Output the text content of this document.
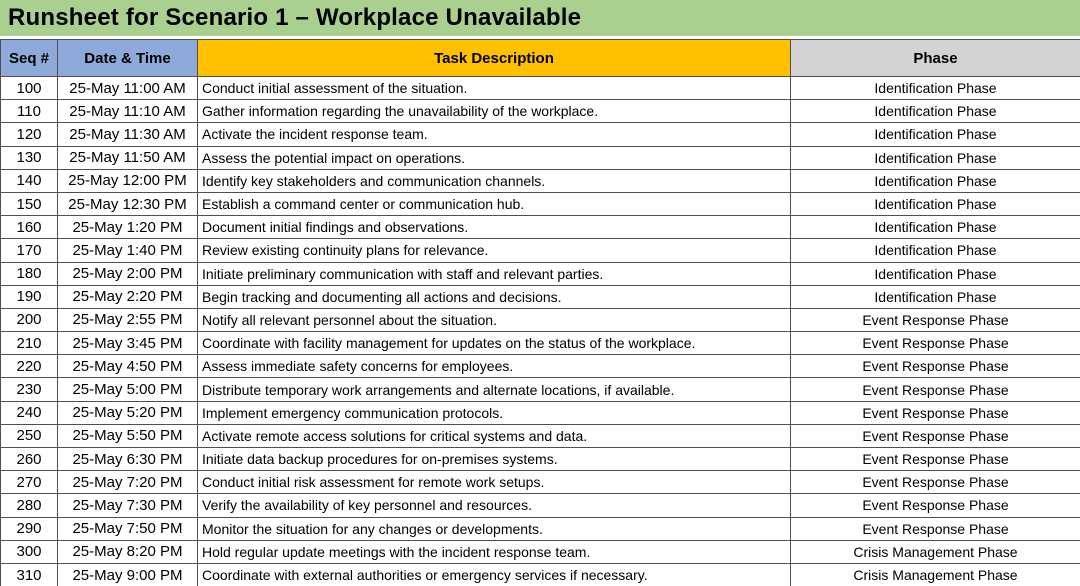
Runsheet for Scenario 1 – Workplace Unavailable
Seq #	Date & Time	Task Description	Phase
100	25-May 11:00 AM	Conduct initial assessment of the situation.	Identification Phase
110	25-May 11:10 AM	Gather information regarding the unavailability of the workplace.	Identification Phase
120	25-May 11:30 AM	Activate the incident response team.	Identification Phase
130	25-May 11:50 AM	Assess the potential impact on operations.	Identification Phase
140	25-May 12:00 PM	Identify key stakeholders and communication channels.	Identification Phase
150	25-May 12:30 PM	Establish a command center or communication hub.	Identification Phase
160	25-May 1:20 PM	Document initial findings and observations.	Identification Phase
170	25-May 1:40 PM	Review existing continuity plans for relevance.	Identification Phase
180	25-May 2:00 PM	Initiate preliminary communication with staff and relevant parties.	Identification Phase
190	25-May 2:20 PM	Begin tracking and documenting all actions and decisions.	Identification Phase
200	25-May 2:55 PM	Notify all relevant personnel about the situation.	Event Response Phase
210	25-May 3:45 PM	Coordinate with facility management for updates on the status of the workplace.	Event Response Phase
220	25-May 4:50 PM	Assess immediate safety concerns for employees.	Event Response Phase
230	25-May 5:00 PM	Distribute temporary work arrangements and alternate locations, if available.	Event Response Phase
240	25-May 5:20 PM	Implement emergency communication protocols.	Event Response Phase
250	25-May 5:50 PM	Activate remote access solutions for critical systems and data.	Event Response Phase
260	25-May 6:30 PM	Initiate data backup procedures for on-premises systems.	Event Response Phase
270	25-May 7:20 PM	Conduct initial risk assessment for remote work setups.	Event Response Phase
280	25-May 7:30 PM	Verify the availability of key personnel and resources.	Event Response Phase
290	25-May 7:50 PM	Monitor the situation for any changes or developments.	Event Response Phase
300	25-May 8:20 PM	Hold regular update meetings with the incident response team.	Crisis Management Phase
310	25-May 9:00 PM	Coordinate with external authorities or emergency services if necessary.	Crisis Management Phase
